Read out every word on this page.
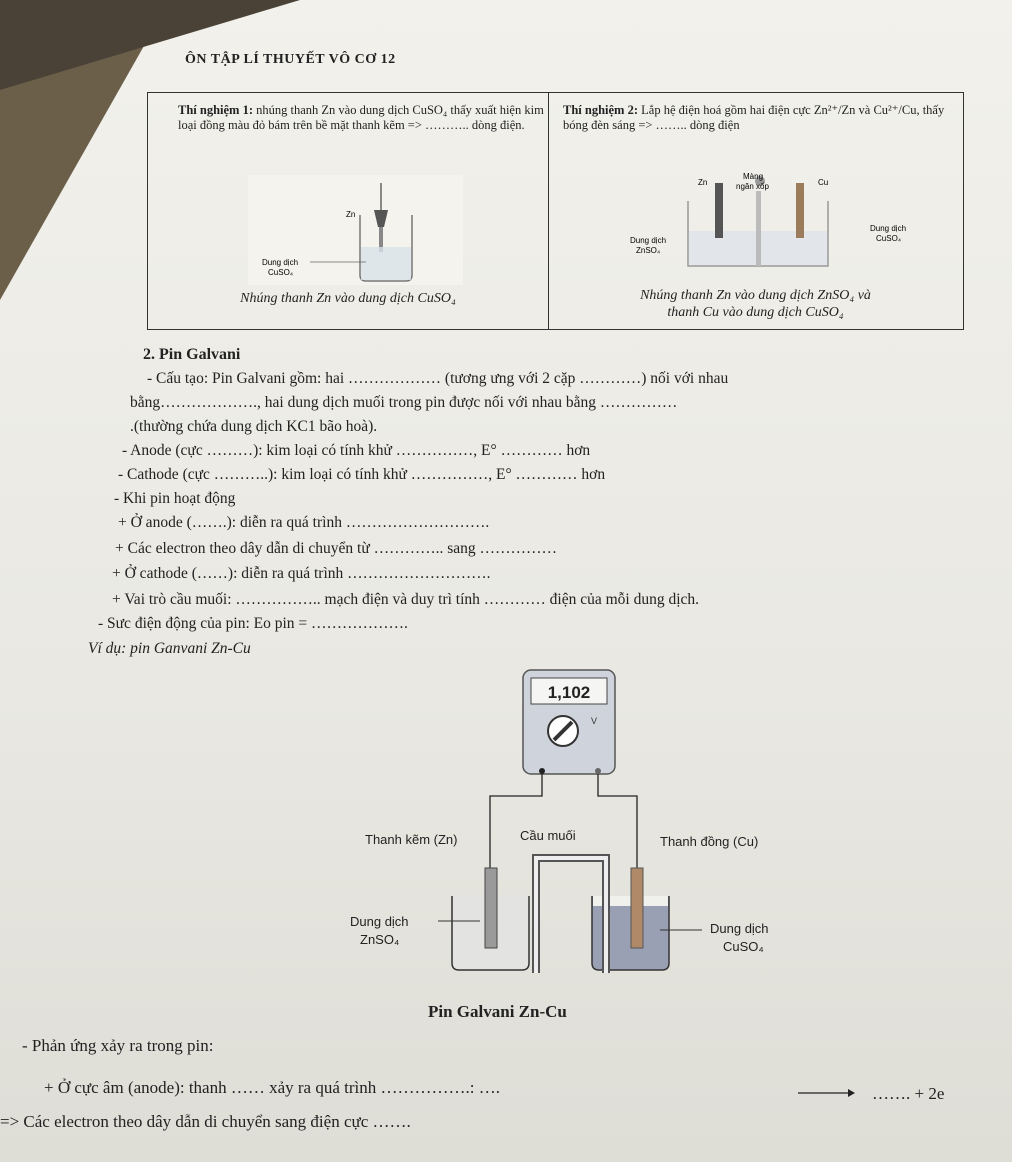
ÔN TẬP LÍ THUYẾT VÔ CƠ 12
Thí nghiệm 1: nhúng thanh Zn vào dung dịch CuSO₄ thấy xuất hiện kim loại đồng màu đỏ bám trên bề mặt thanh kẽm => ……….. dòng điện.
Thí nghiệm 2: Lắp hệ điện hoá gồm hai điện cực Zn²⁺/Zn và Cu²⁺/Cu, thấy bóng đèn sáng => …….. dòng điện
Zn
Dung dịch
CuSO₄
Zn
Màng
ngăn xốp	Cu
Dung dịch
ZnSO₄
Dung dịch
CuSO₄
Nhúng thanh Zn vào dung dịch CuSO₄	Nhúng thanh Zn vào dung dịch ZnSO₄ và
thanh Cu vào dung dịch CuSO₄
2. Pin Galvani
- Cấu tạo: Pin Galvani gồm: hai ……………… (tương ưng với 2 cặp …………) nối với nhau
bằng………………., hai dung dịch muối trong pin được nối với nhau bằng ……………
.(thường chứa dung dịch KC1 bão hoà).
- Anode (cực ………): kim loại có tính khử ……………, E° ………… hơn
- Cathode (cực ………..): kim loại có tính khử ……………, E° ………… hơn
- Khi pin hoạt động
+ Ở anode (…….): diễn ra quá trình ……………………….
+ Các electron theo dây dẫn di chuyển từ ………….. sang ……………
+ Ở cathode (……): diễn ra quá trình ……………………….
+ Vai trò cầu muối: …………….. mạch điện và duy trì tính ………… điện của mỗi dung dịch.
- Sưc điện động của pin: Eo pin = ……………….
Ví dụ: pin Ganvani Zn-Cu
1,102
V
Thanh kẽm (Zn)	Cầu muối	Thanh đồng (Cu)
Dung dịch
ZnSO₄
Dung dịch
CuSO₄
Pin Galvani Zn-Cu
- Phản ứng xảy ra trong pin:
+ Ở cực âm (anode): thanh …… xảy ra quá trình …………….: ….	→ ……. + 2e
=> Các electron theo dây dẫn di chuyển sang điện cực …….
